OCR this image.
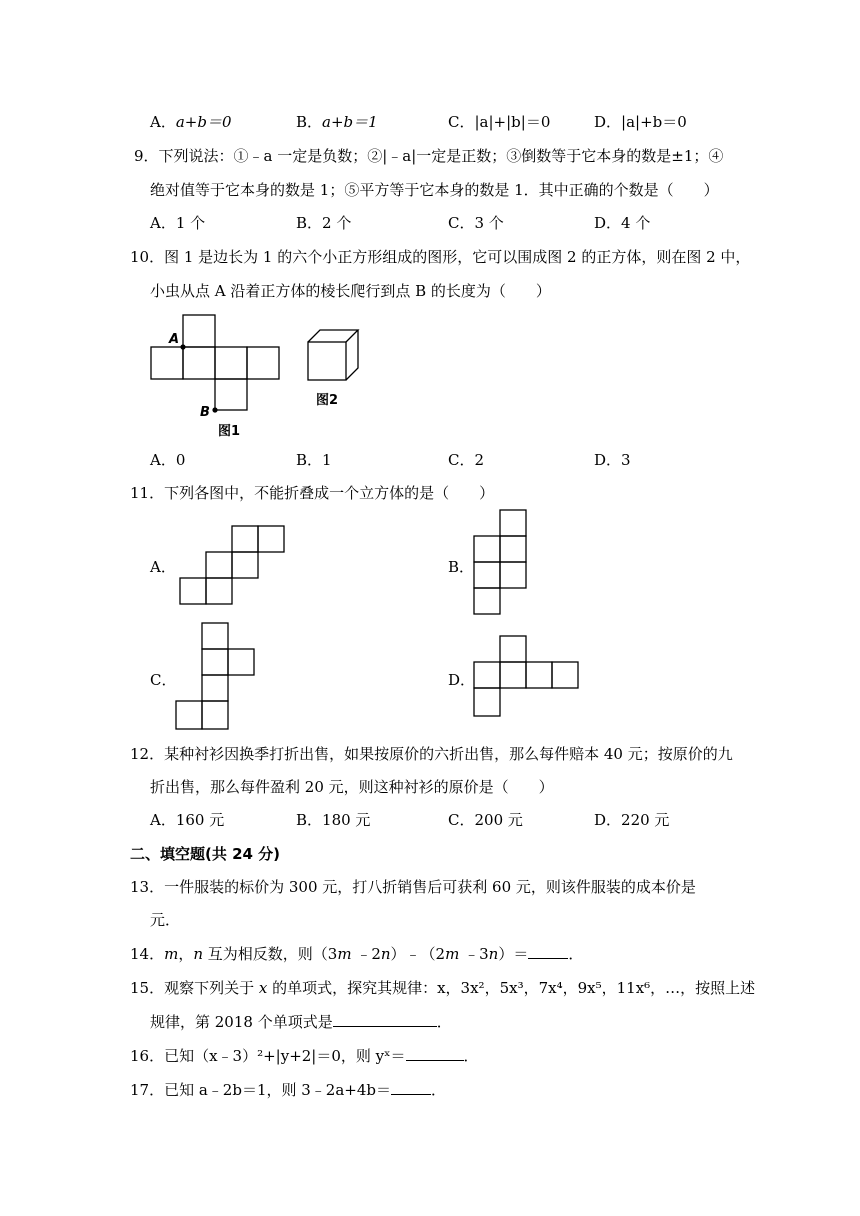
A．a+b＝0	B．a+b＝1	C．|a|+|b|＝0	D．|a|+b＝0
9．下列说法：①﹣a 一定是负数；②|﹣a|一定是正数；③倒数等于它本身的数是±1；④
绝对值等于它本身的数是 1；⑤平方等于它本身的数是 1．其中正确的个数是（　　）
A．1 个	B．2 个	C．3 个	D．4 个
10．图 1 是边长为 1 的六个小正方形组成的图形，它可以围成图 2 的正方体，则在图 2 中，
小虫从点 A 沿着正方体的棱长爬行到点 B 的长度为（　　）
A
B
图1
图2
A．0	B．1	C．2	D．3
11．下列各图中，不能折叠成一个立方体的是（　　）
A．	B．
C．	D．
12．某种衬衫因换季打折出售，如果按原价的六折出售，那么每件赔本 40 元；按原价的九
折出售，那么每件盈利 20 元，则这种衬衫的原价是（　　）
A．160 元	B．180 元	C．200 元	D．220 元
二、填空题(共 24 分)
13．一件服装的标价为 300 元，打八折销售后可获利 60 元，则该件服装的成本价是
元．
14．m，n 互为相反数，则（3m ﹣2n）﹣（2m ﹣3n）＝	．
15．观察下列关于 x 的单项式，探究其规律：x，3x²，5x³，7x⁴，9x⁵，11x⁶，…，按照上述
规律，第 2018 个单项式是	．
16．已知（x﹣3）²+|y+2|＝0，则 yˣ＝	．
17．已知 a﹣2b＝1，则 3﹣2a+4b＝	．
